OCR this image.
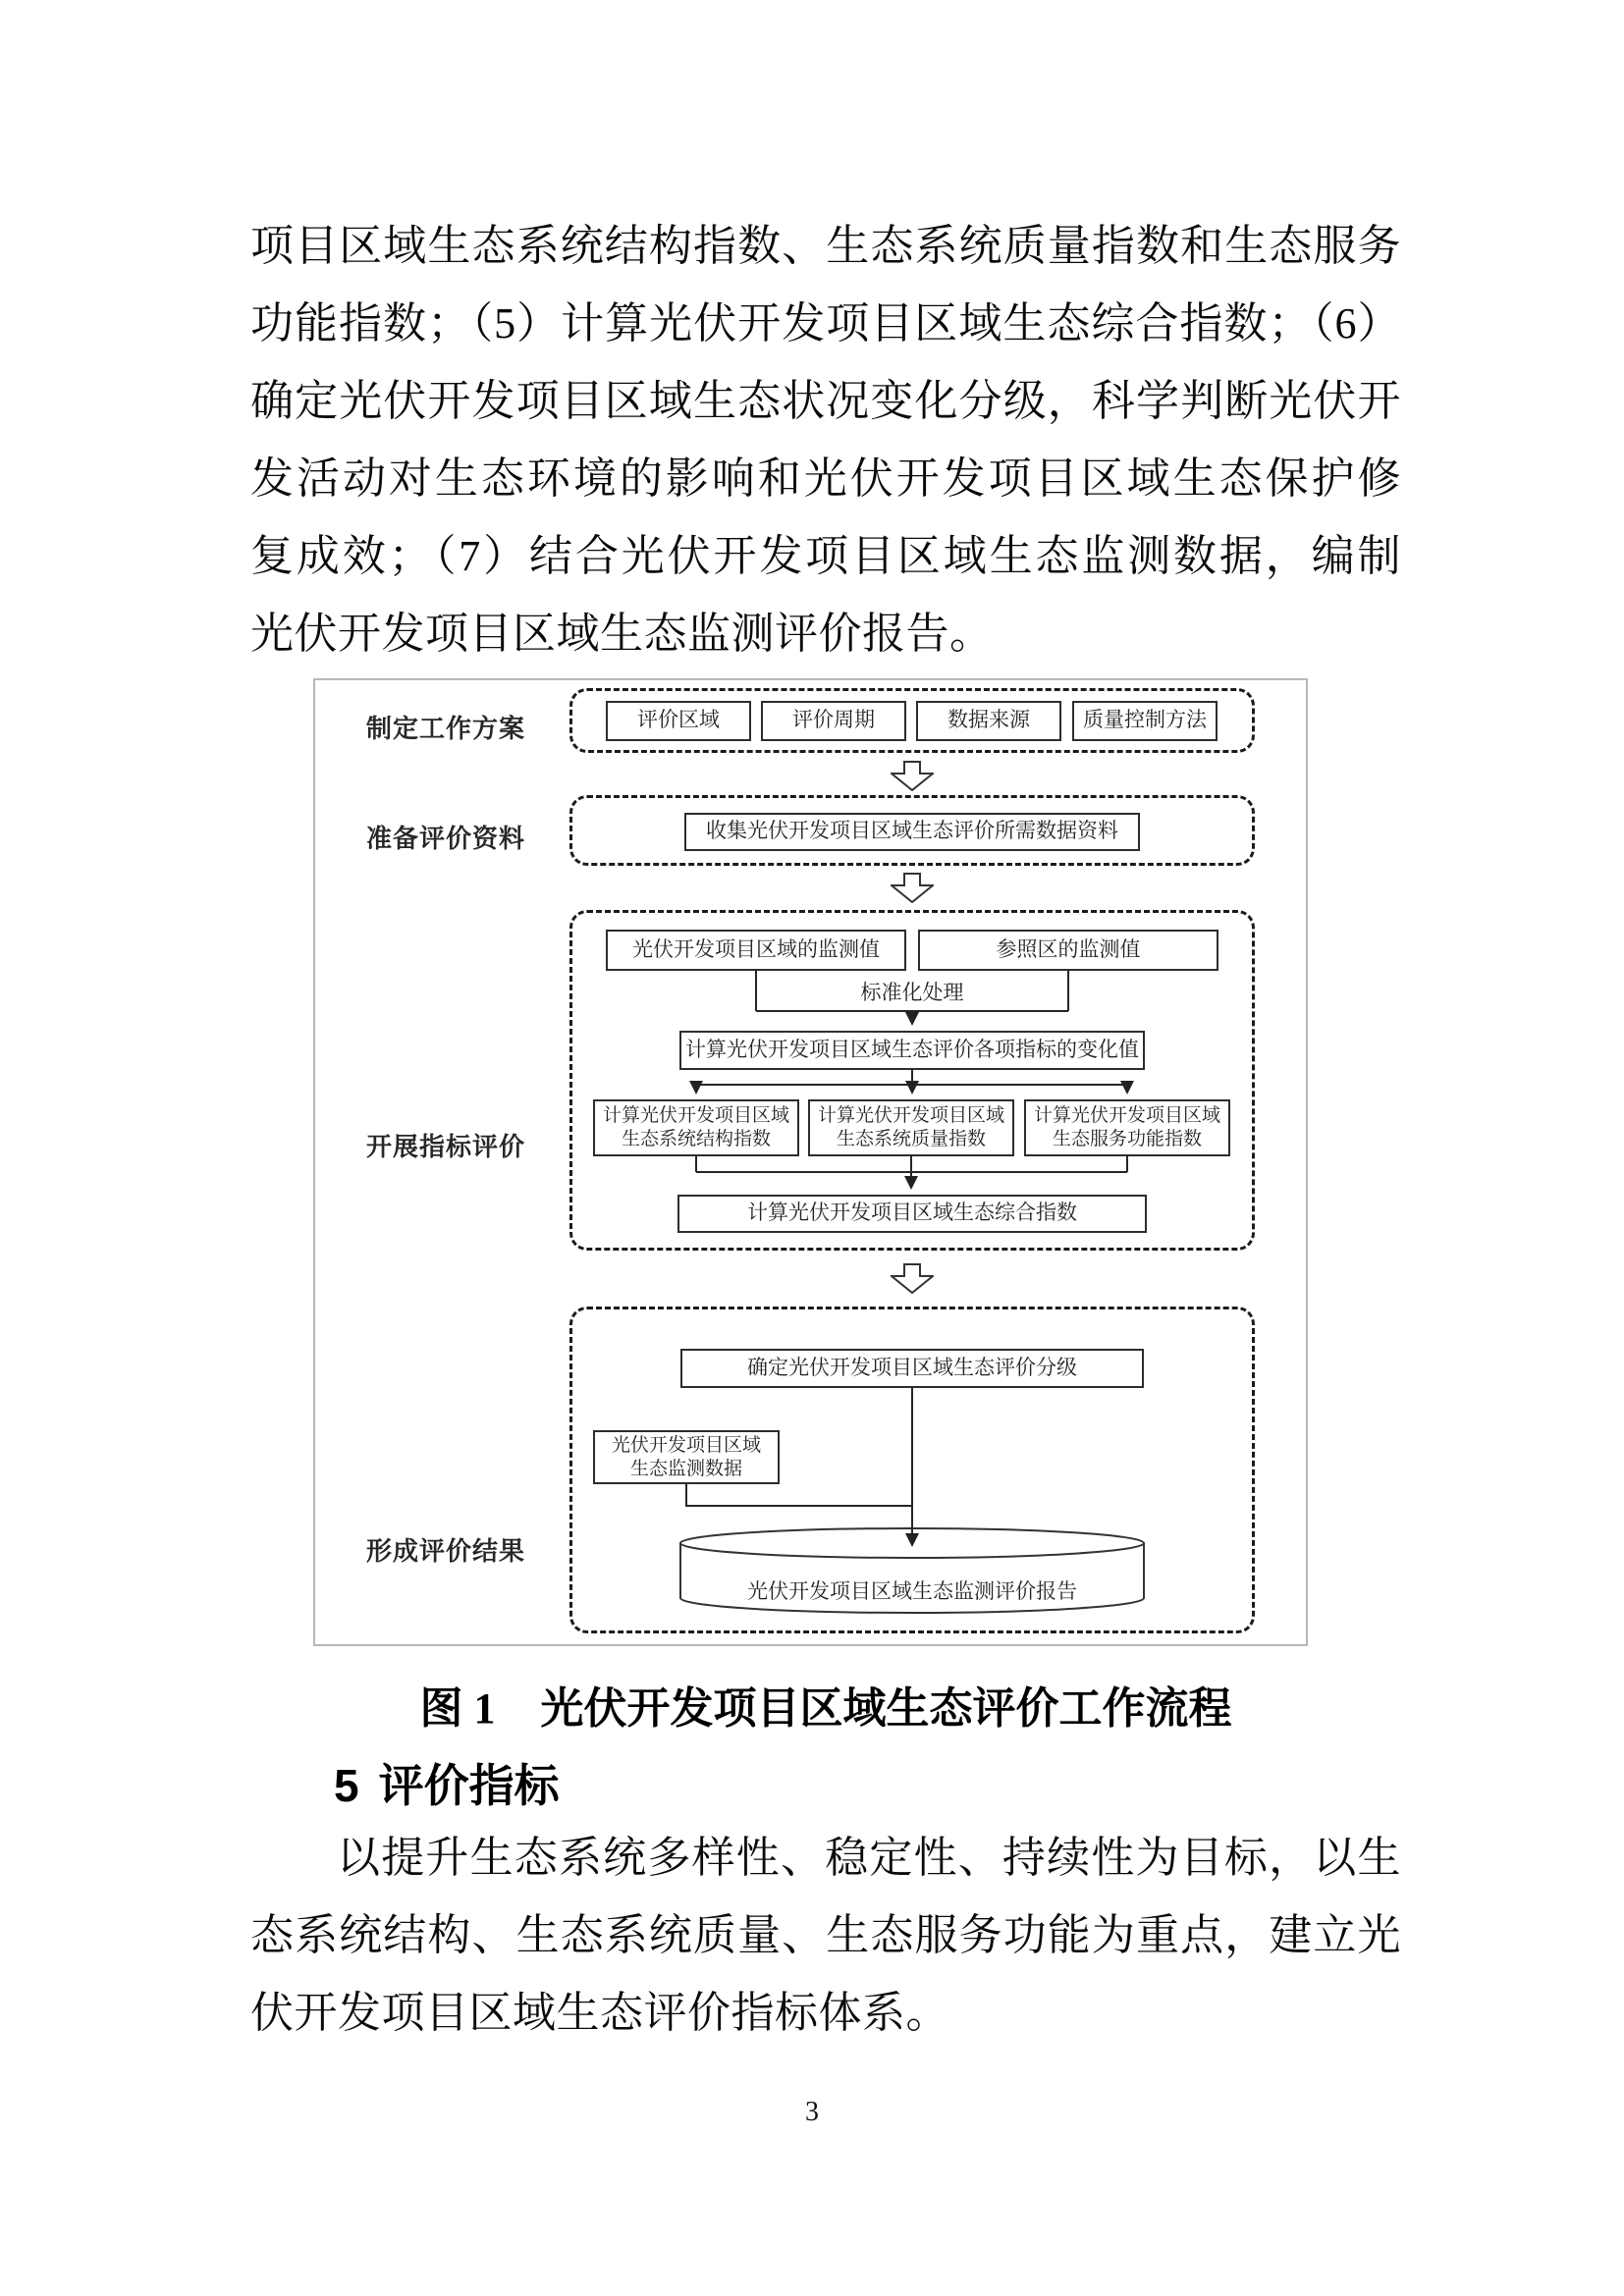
项目区域生态系统结构指数、生态系统质量指数和生态服务
功能指数；（5）计算光伏开发项目区域生态综合指数；（6）
确定光伏开发项目区域生态状况变化分级，科学判断光伏开
发活动对生态环境的影响和光伏开发项目区域生态保护修
复成效；（7）结合光伏开发项目区域生态监测数据，编制
光伏开发项目区域生态监测评价报告。
制定工作方案
准备评价资料
开展指标评价
形成评价结果
评价区域	评价周期	数据来源	质量控制方法
收集光伏开发项目区域生态评价所需数据资料
光伏开发项目区域的监测值	参照区的监测值
标准化处理
计算光伏开发项目区域生态评价各项指标的变化值
计算光伏开发项目区域
生态系统结构指数
计算光伏开发项目区域
生态系统质量指数
计算光伏开发项目区域
生态服务功能指数
计算光伏开发项目区域生态综合指数
确定光伏开发项目区域生态评价分级
光伏开发项目区域
生态监测数据
光伏开发项目区域生态监测评价报告
图 1 光伏开发项目区域生态评价工作流程
5 评价指标
以提升生态系统多样性、稳定性、持续性为目标，以生
态系统结构、生态系统质量、生态服务功能为重点，建立光
伏开发项目区域生态评价指标体系。
3
